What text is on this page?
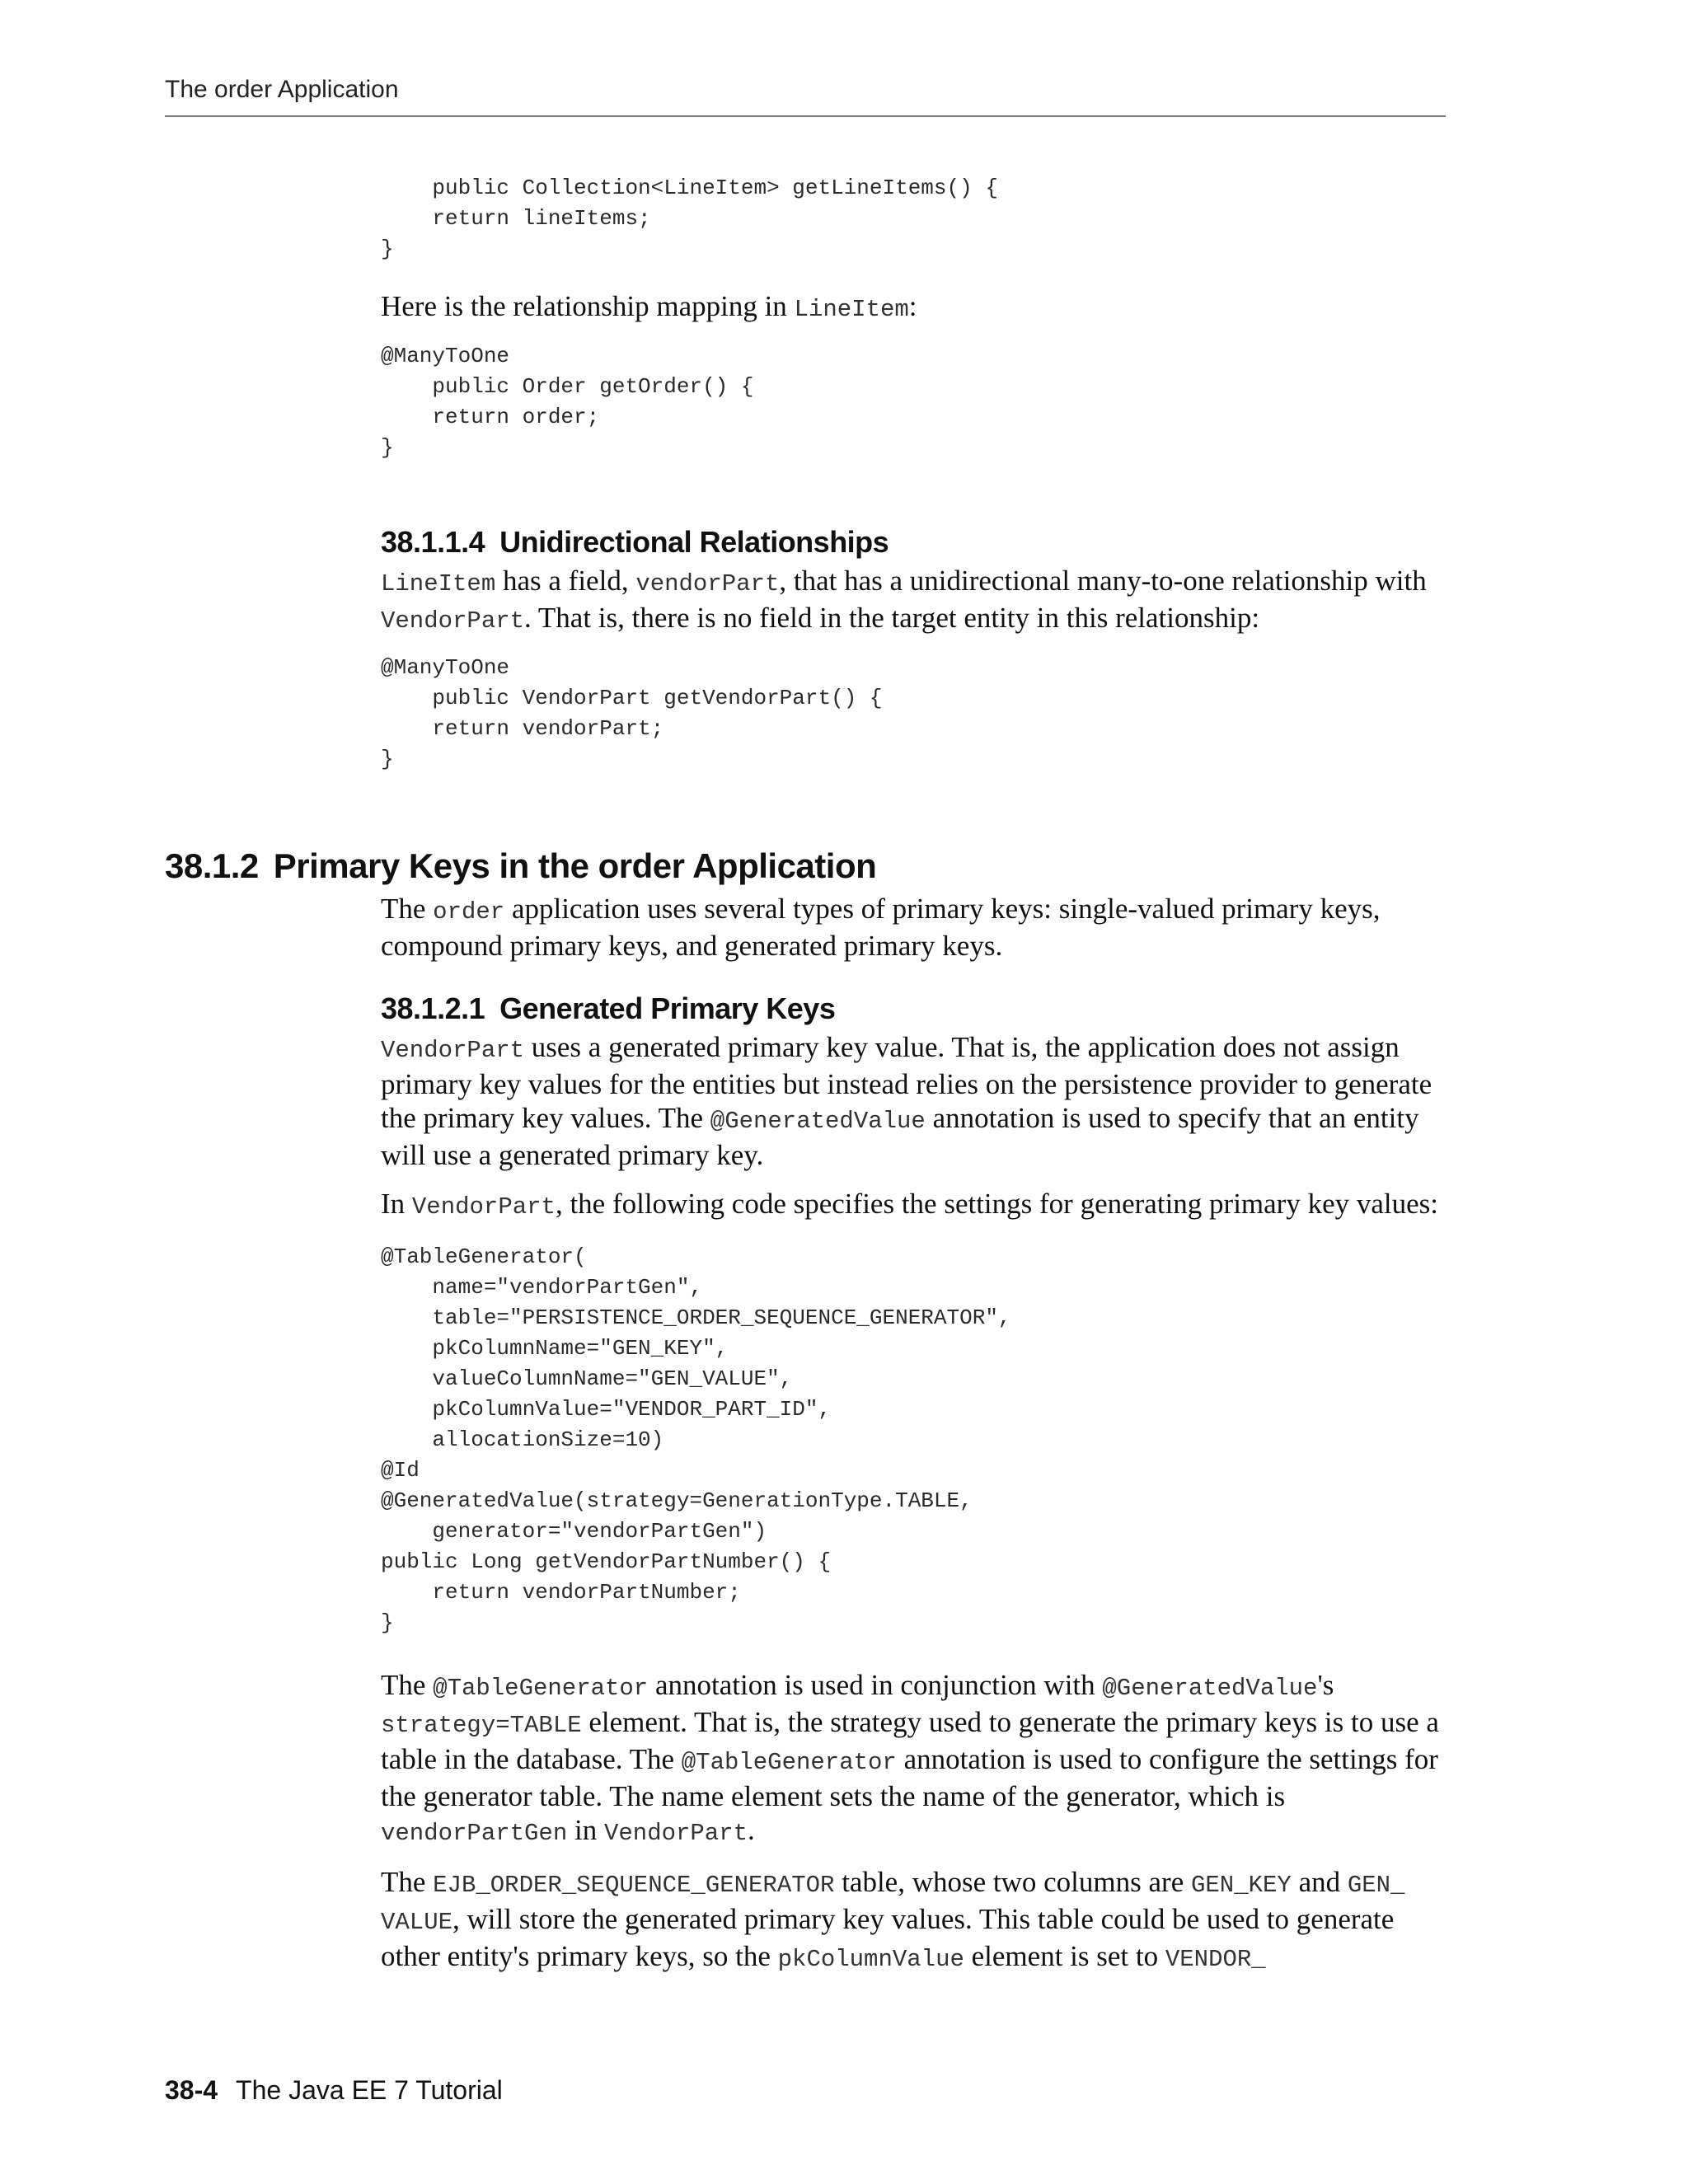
The order Application
public Collection<LineItem> getLineItems() {
return lineItems;
}

Here is the relationship mapping in LineItem:

@ManyToOne
public Order getOrder() {
return order;
}
38.1.1.4 Unidirectional Relationships

LineItem has a field, vendorPart, that has a unidirectional many-to-one relationship with VendorPart. That is, there is no field in the target entity in this relationship:

@ManyToOne
public VendorPart getVendorPart() {
return vendorPart;
}
38.1.2 Primary Keys in the order Application

The order application uses several types of primary keys: single-valued primary keys, compound primary keys, and generated primary keys.

38.1.2.1 Generated Primary Keys

VendorPart uses a generated primary key value. That is, the application does not assign primary key values for the entities but instead relies on the persistence provider to generate the primary key values. The @GeneratedValue annotation is used to specify that an entity will use a generated primary key.

In VendorPart, the following code specifies the settings for generating primary key values:

@TableGenerator(
name="vendorPartGen",
table="PERSISTENCE_ORDER_SEQUENCE_GENERATOR",
pkColumnName="GEN_KEY",
valueColumnName="GEN_VALUE",
pkColumnValue="VENDOR_PART_ID",
allocationSize=10)
@Id
@GeneratedValue(strategy=GenerationType.TABLE,
generator="vendorPartGen")
public Long getVendorPartNumber() {
return vendorPartNumber;
}

The @TableGenerator annotation is used in conjunction with @GeneratedValue's strategy=TABLE element. That is, the strategy used to generate the primary keys is to use a table in the database. The @TableGenerator annotation is used to configure the settings for the generator table. The name element sets the name of the generator, which is vendorPartGen in VendorPart.

The EJB_ORDER_SEQUENCE_GENERATOR table, whose two columns are GEN_KEY and GEN_ VALUE, will store the generated primary key values. This table could be used to generate other entity's primary keys, so the pkColumnValue element is set to VENDOR_

38-4 The Java EE 7 Tutorial
